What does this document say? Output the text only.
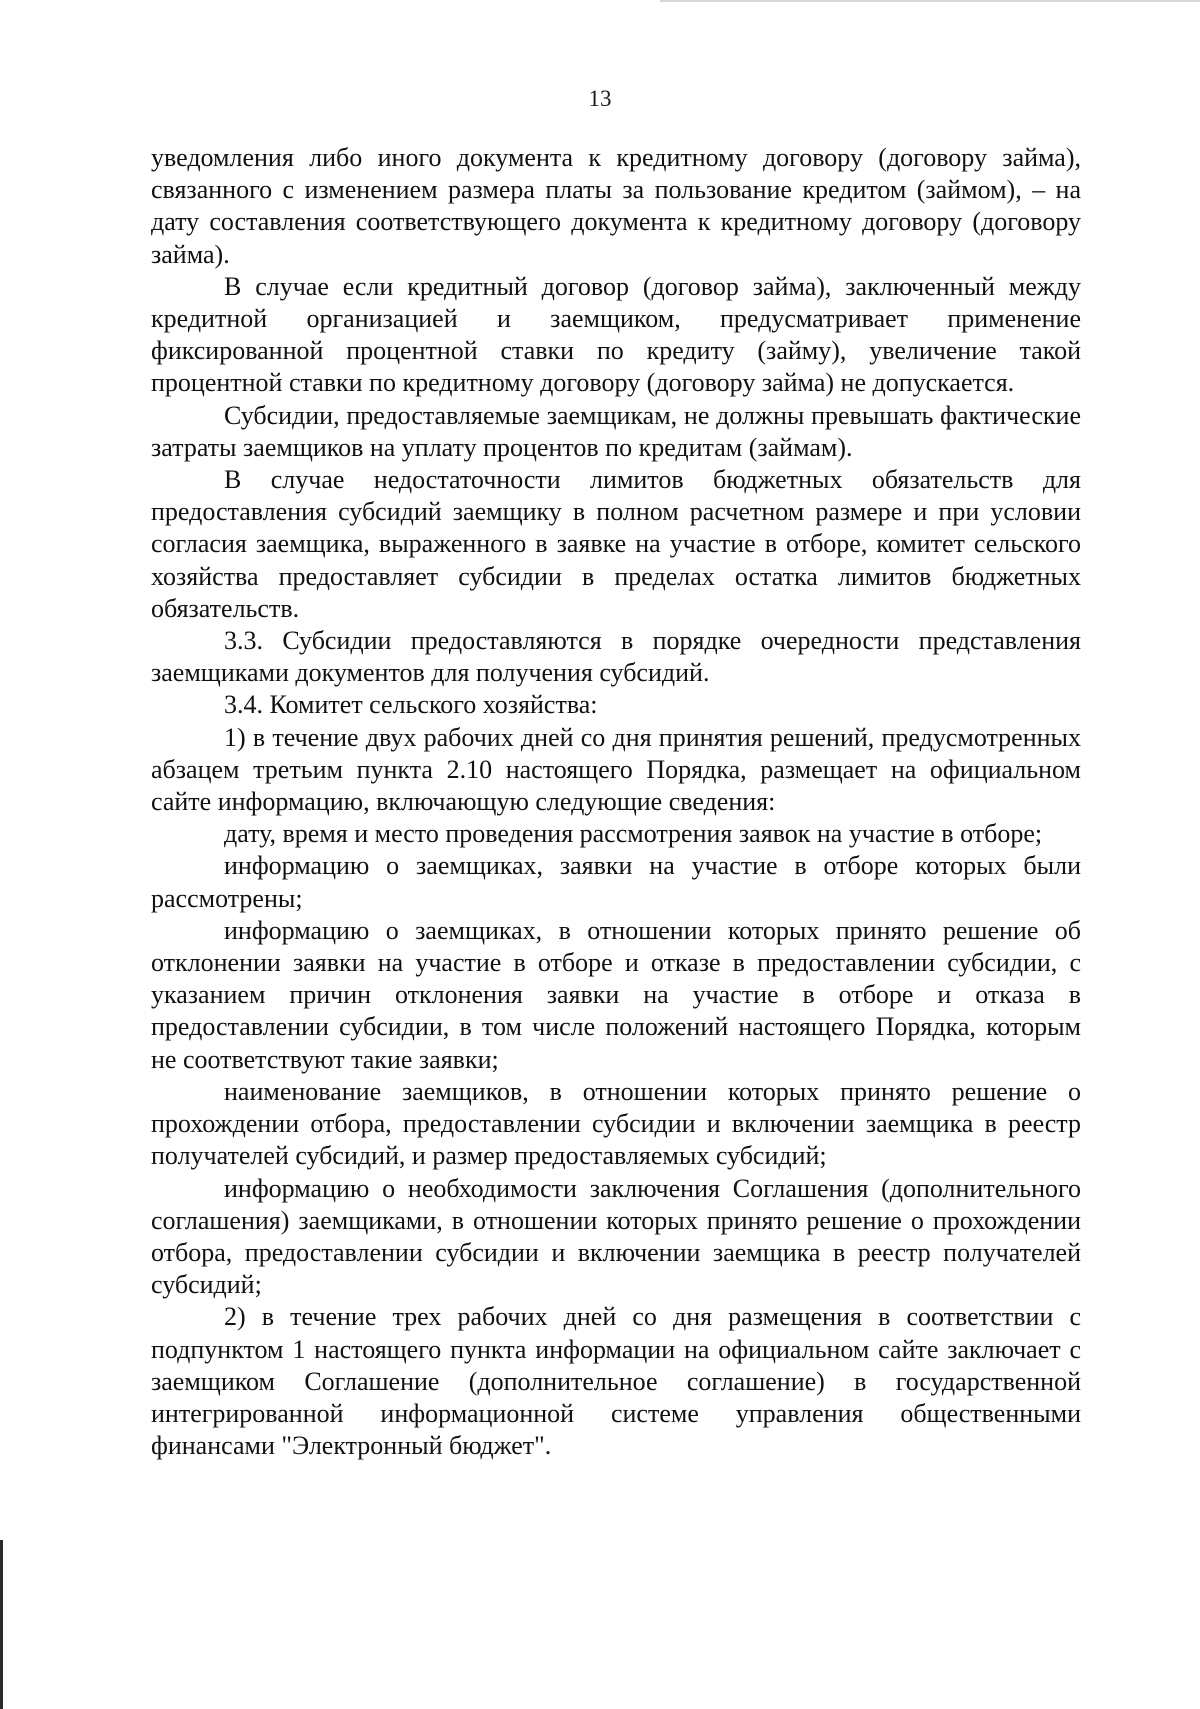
13

уведомления либо иного документа к кредитному договору (договору займа), связанного с изменением размера платы за пользование кредитом (займом), – на дату составления соответствующего документа к кредитному договору (договору займа).

В случае если кредитный договор (договор займа), заключенный между кредитной организацией и заемщиком, предусматривает применение фиксированной процентной ставки по кредиту (займу), увеличение такой процентной ставки по кредитному договору (договору займа) не допускается.

Субсидии, предоставляемые заемщикам, не должны превышать фактические затраты заемщиков на уплату процентов по кредитам (займам).

В случае недостаточности лимитов бюджетных обязательств для предоставления субсидий заемщику в полном расчетном размере и при условии согласия заемщика, выраженного в заявке на участие в отборе, комитет сельского хозяйства предоставляет субсидии в пределах остатка лимитов бюджетных обязательств.

3.3. Субсидии предоставляются в порядке очередности представления заемщиками документов для получения субсидий.

3.4. Комитет сельского хозяйства:

1) в течение двух рабочих дней со дня принятия решений, предусмотренных абзацем третьим пункта 2.10 настоящего Порядка, размещает на официальном сайте информацию, включающую следующие сведения:

дату, время и место проведения рассмотрения заявок на участие в отборе;

информацию о заемщиках, заявки на участие в отборе которых были рассмотрены;

информацию о заемщиках, в отношении которых принято решение об отклонении заявки на участие в отборе и отказе в предоставлении субсидии, с указанием причин отклонения заявки на участие в отборе и отказа в предоставлении субсидии, в том числе положений настоящего Порядка, которым не соответствуют такие заявки;

наименование заемщиков, в отношении которых принято решение о прохождении отбора, предоставлении субсидии и включении заемщика в реестр получателей субсидий, и размер предоставляемых субсидий;

информацию о необходимости заключения Соглашения (дополнительного соглашения) заемщиками, в отношении которых принято решение о прохождении отбора, предоставлении субсидии и включении заемщика в реестр получателей субсидий;

2) в течение трех рабочих дней со дня размещения в соответствии с подпунктом 1 настоящего пункта информации на официальном сайте заключает с заемщиком Соглашение (дополнительное соглашение) в государственной интегрированной информационной системе управления общественными финансами "Электронный бюджет".
